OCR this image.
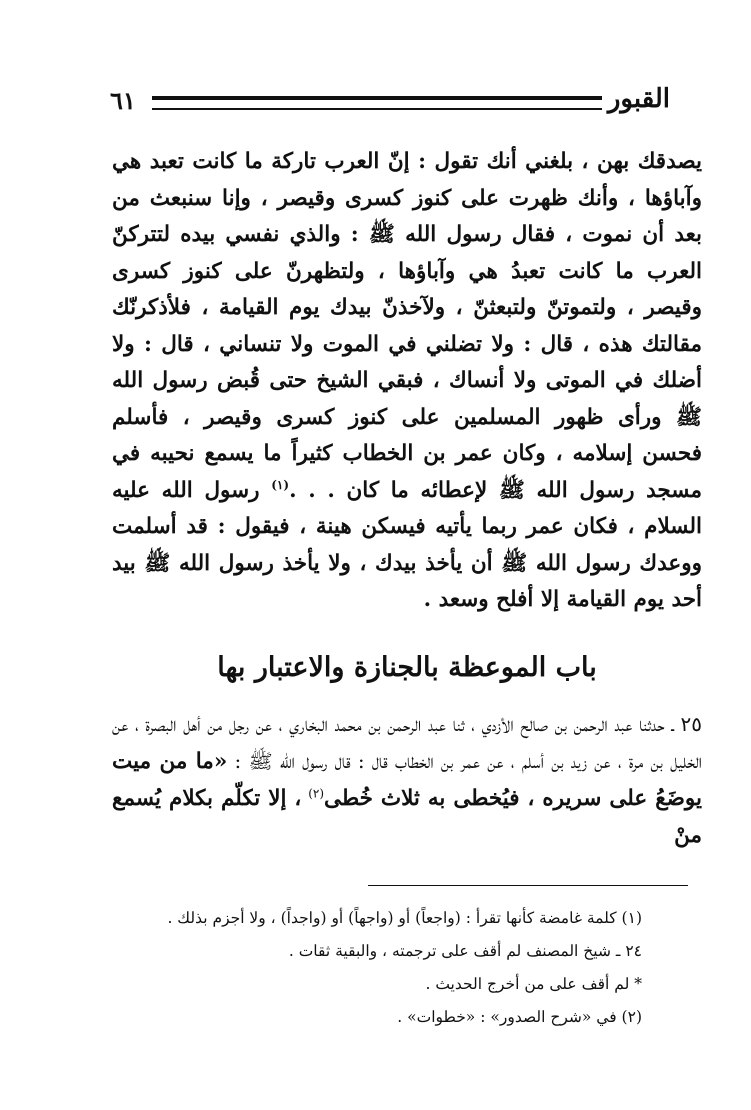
القبور
٦١

يصدقك بهن ، بلغني أنك تقول : إنّ العرب تاركة ما كانت تعبد هي وآباؤها ، وأنك ظهرت على كنوز كسرى وقيصر ، وإنا سنبعث من بعد أن نموت ، فقال رسول الله ﷺ : والذي نفسي بيده لتتركنّ العرب ما كانت تعبدُ هي وآباؤها ، ولتظهرنّ على كنوز كسرى وقيصر ، ولتموتنّ ولتبعثنّ ، ولآخذنّ بيدك يوم القيامة ، فلأذكرنّك مقالتك هذه ، قال : ولا تضلني في الموت ولا تنساني ، قال : ولا أضلك في الموتى ولا أنساك ، فبقي الشيخ حتى قُبض رسول الله ﷺ ورأى ظهور المسلمين على كنوز كسرى وقيصر ، فأسلم فحسن إسلامه ، وكان عمر بن الخطاب كثيراً ما يسمع نحيبه في مسجد رسول الله ﷺ لإعطائه ما كان . . .$^{(١)}$ رسول الله عليه السلام ، فكان عمر ربما يأتيه فيسكن هينة ، فيقول : قد أسلمت ووعدك رسول الله ﷺ أن يأخذ بيدك ، ولا يأخذ رسول الله ﷺ بيد أحد يوم القيامة إلا أفلح وسعد .

باب الموعظة بالجنازة والاعتبار بها
٢٥ ـ حدثنا عبد الرحمن بن صالح الأزدي ، ثنا عبد الرحمن بن محمد البخاري ، عن رجل من أهل البصرة ، عن الخليل بن مرة ، عن زيد بن أسلم ، عن عمر بن الخطاب قال : قال رسول الله ﷺ : «ما من ميت يوضَعُ على سريره ، فيُخطى به ثلاث خُطى$^{(٢)}$ ، إلا تكلّم بكلام يُسمع منْ

(١) كلمة غامضة كأنها تقرأ : (واجعاً) أو (واجهاً) أو (واجداً) ، ولا أجزم بذلك .

٢٤ ـ شيخ المصنف لم أقف على ترجمته ، والبقية ثقات .

* لم أقف على من أخرج الحديث .

(٢) في «شرح الصدور» : «خطوات» .
